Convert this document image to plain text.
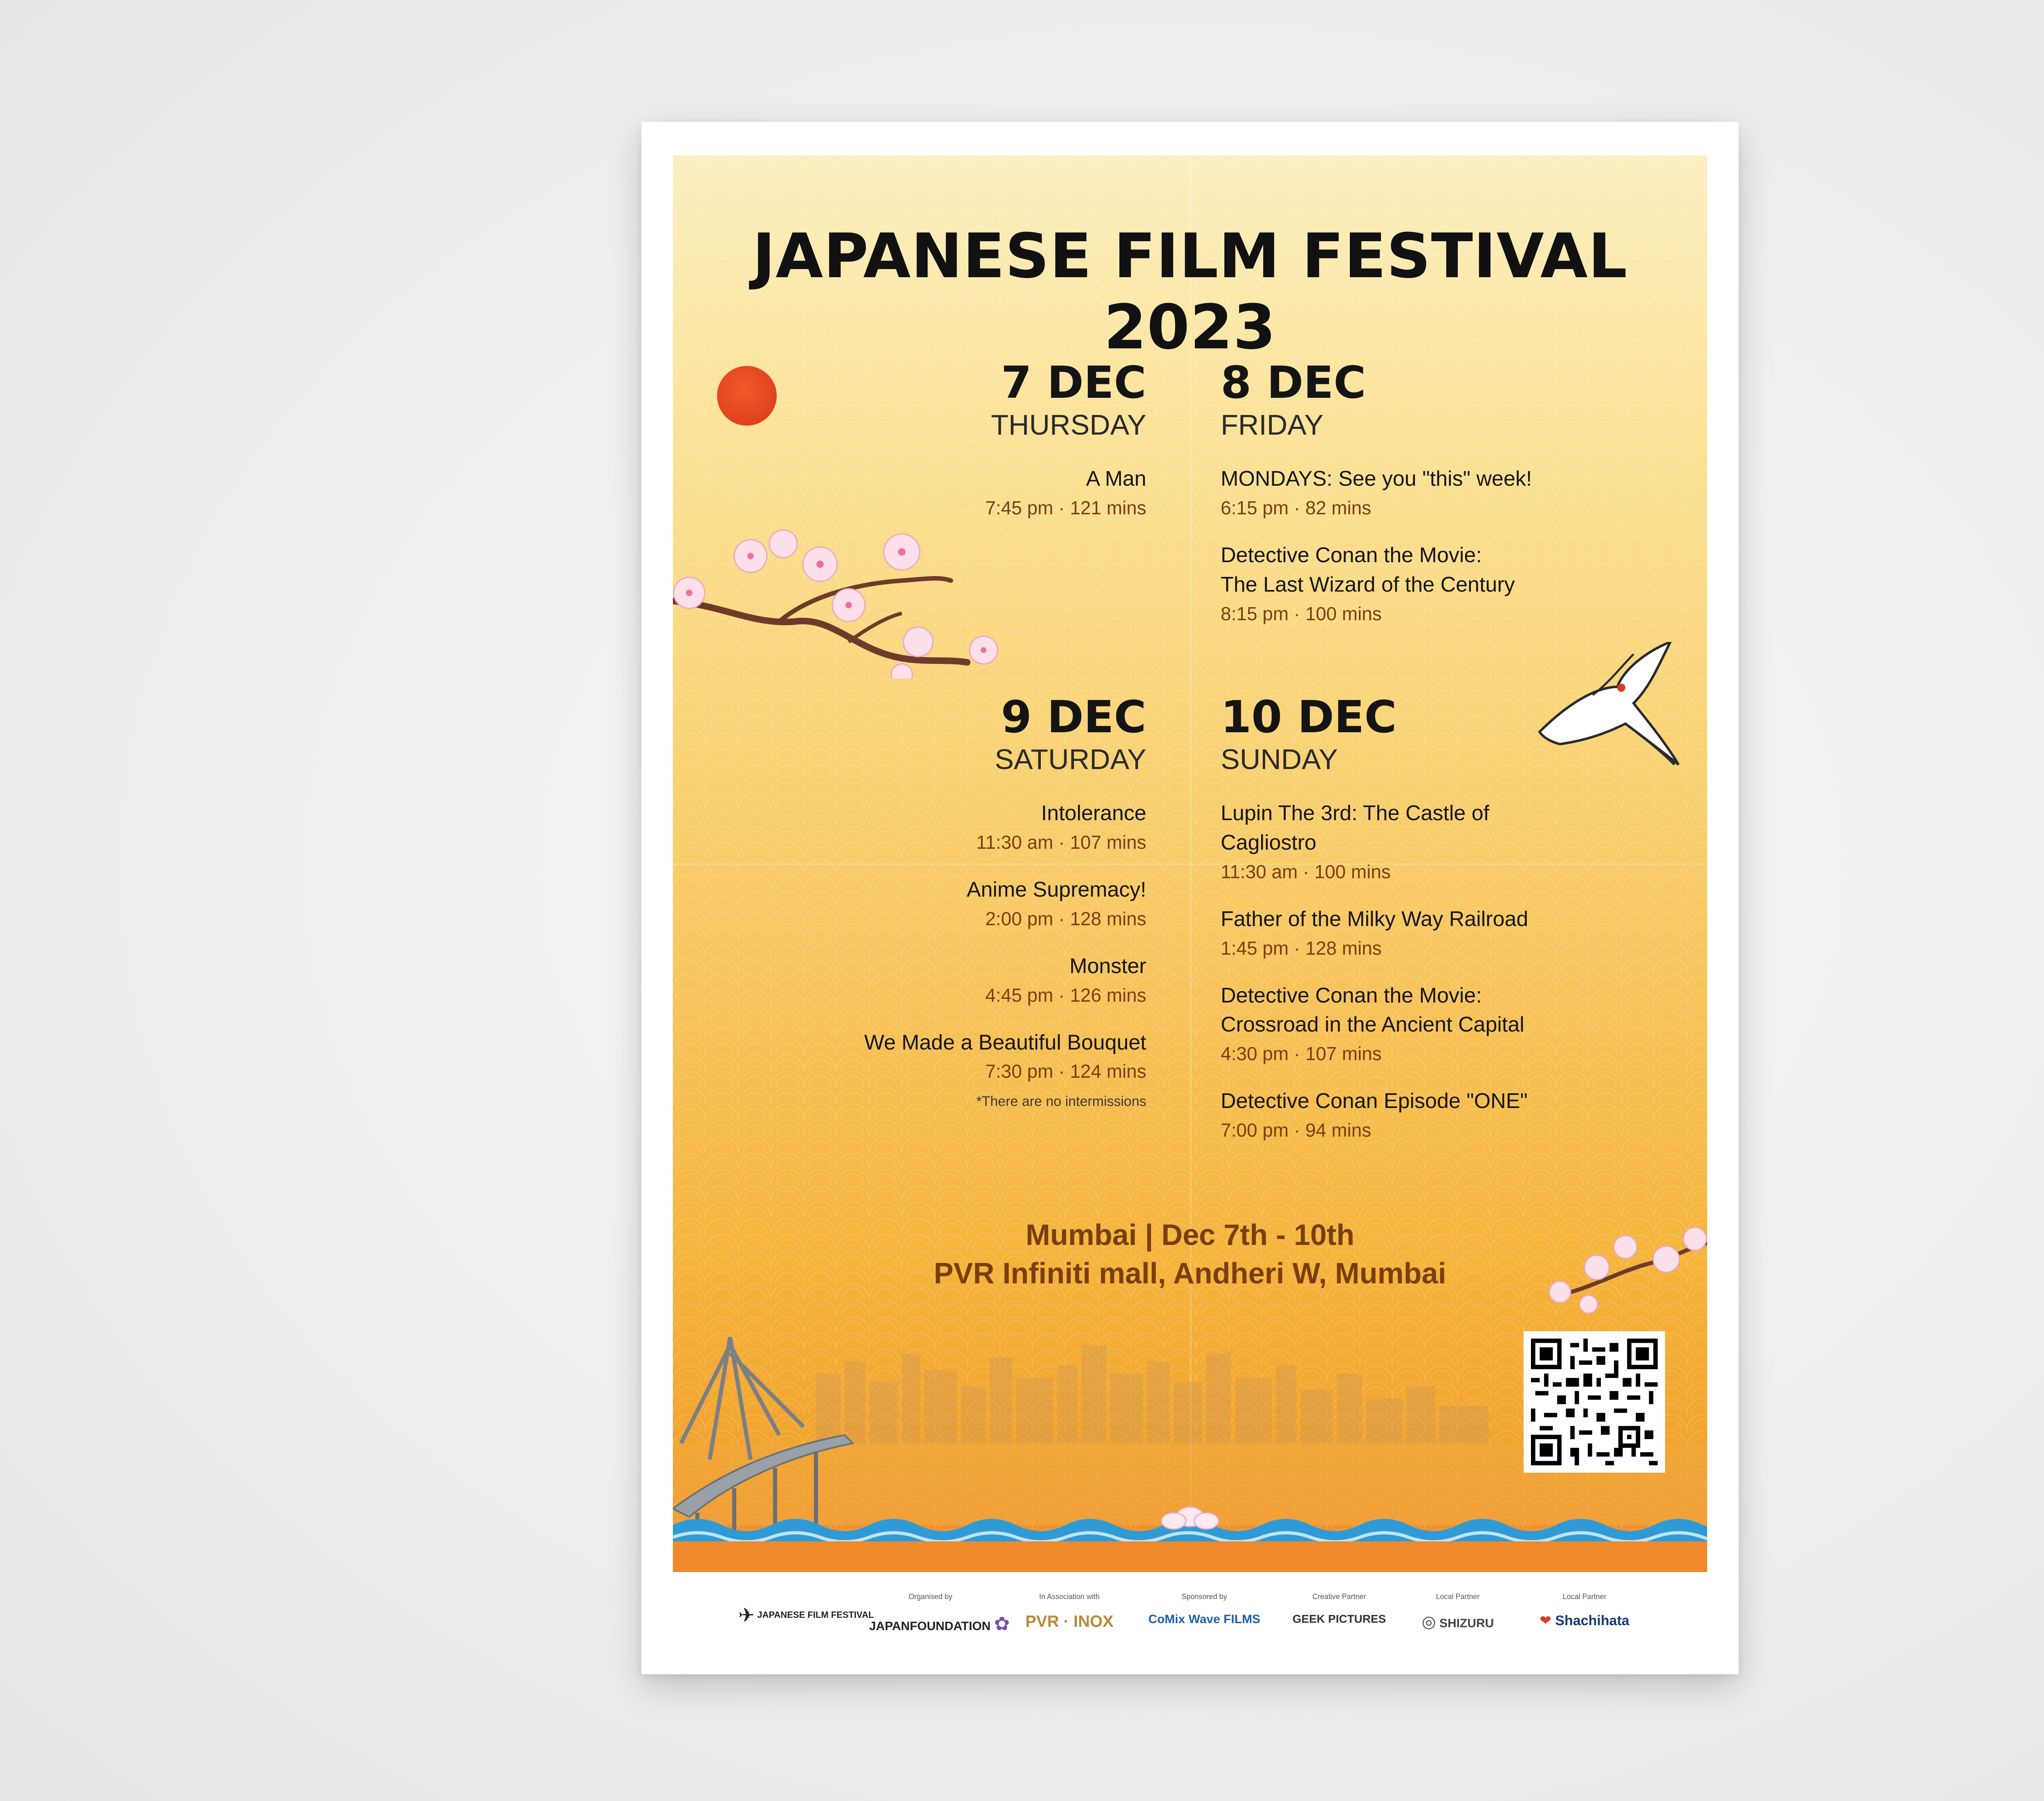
JAPANESE FILM FESTIVAL 2023
7 DEC
THURSDAY
A Man
7:45 pm · 121 mins
8 DEC
FRIDAY
MONDAYS: See you "this" week!
6:15 pm · 82 mins
Detective Conan the Movie:
The Last Wizard of the Century
8:15 pm · 100 mins
9 DEC
SATURDAY
Intolerance
11:30 am · 107 mins
Anime Supremacy!
2:00 pm · 128 mins
Monster
4:45 pm · 126 mins
We Made a Beautiful Bouquet
7:30 pm · 124 mins
*There are no intermissions
10 DEC
SUNDAY
Lupin The 3rd: The Castle of
Cagliostro
11:30 am · 100 mins
Father of the Milky Way Railroad
1:45 pm · 128 mins
Detective Conan the Movie:
Crossroad in the Ancient Capital
4:30 pm · 107 mins
Detective Conan Episode "ONE"
7:00 pm · 94 mins
Mumbai | Dec 7th - 10th
PVR Infiniti mall, Andheri W, Mumbai
✈ JAPANESE FILM FESTIVAL
Organised by
JAPANFOUNDATION ✿
In Association with
PVR · INOX
Sponsored by
CoMix Wave FILMS
Creative Partner
GEEK PICTURES
Local Partner
◎ SHIZURU
Local Partner
❤ Shachihata
